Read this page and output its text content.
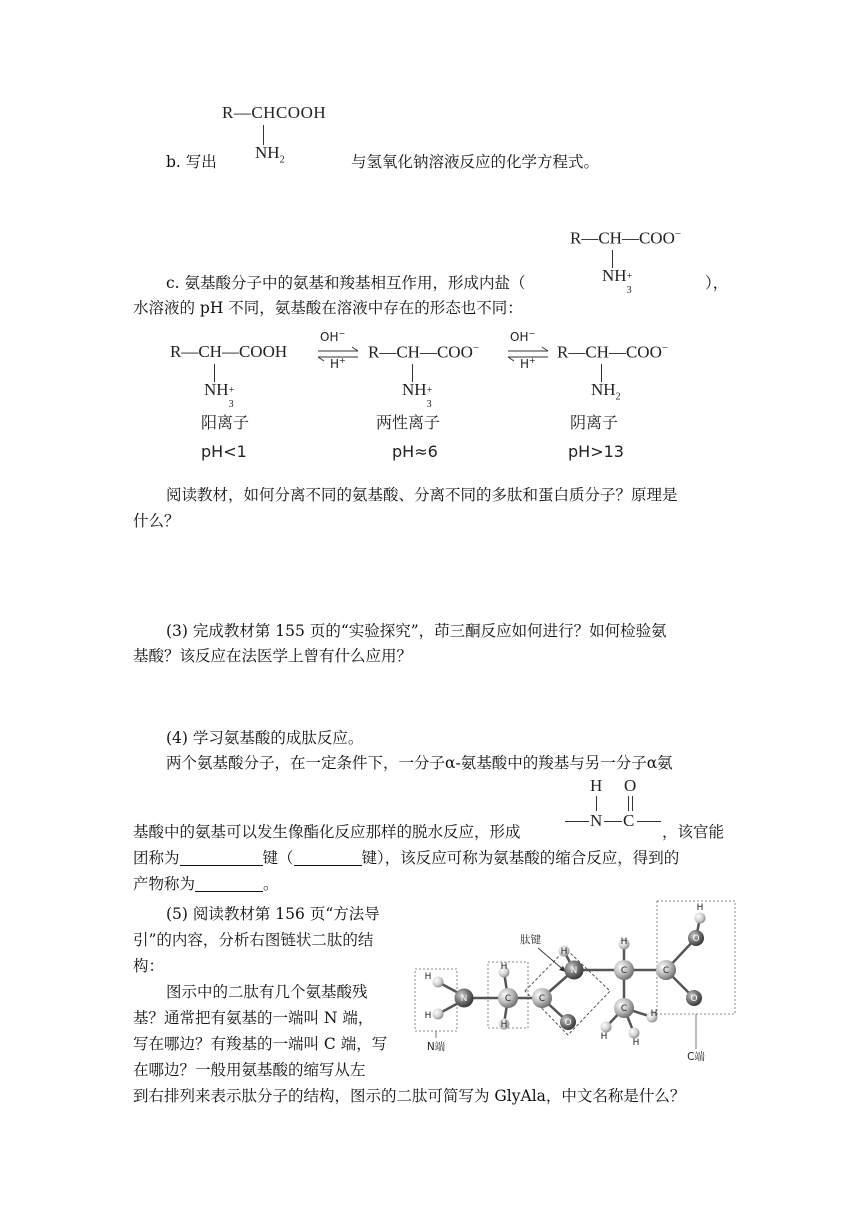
R—CHCOOH
$NH_2$
b. 写出	与氢氧化钠溶液反应的化学方程式。
R—CH—COO−
NH +
3
c. 氨基酸分子中的氨基和羧基相互作用，形成内盐（	），
水溶液的 pH 不同，氨基酸在溶液中存在的形态也不同：
R—CH—COOH
NH +
3
阳离子
pH<1
OH−
H+ R—CH—COO−
NH +
3
两性离子
pH≈6
OH−
H+ R—CH—COO−
$NH_2$
阴离子
pH>13
阅读教材，如何分离不同的氨基酸、分离不同的多肽和蛋白质分子？原理是
什么？
(3) 完成教材第 155 页的“实验探究”，茚三酮反应如何进行？如何检验氨
基酸？该反应在法医学上曾有什么应用？
(4) 学习氨基酸的成肽反应。
两个氨基酸分子，在一定条件下，一分子α-氨基酸中的羧基与另一分子α氨
H O
N C
基酸中的氨基可以发生像酯化反应那样的脱水反应，形成	，该官能
团称为	键（	键），该反应可称为氨基酸的缩合反应，得到的
产物称为	。
(5) 阅读教材第 156 页“方法导
引”的内容，分析右图链状二肽的结
构：
图示中的二肽有几个氨基酸残
基？通常把有氨基的一端叫 N 端，
写在哪边？有羧基的一端叫 C 端，写
在哪边？一般用氨基酸的缩写从左
到右排列来表示肽分子的结构，图示的二肽可简写为 GlyAla，中文名称是什么？
H
H
N
H
H
C	C
O
H
N	C
H
C
H
H
H
C
O
H
O
肽键
N端
C端
